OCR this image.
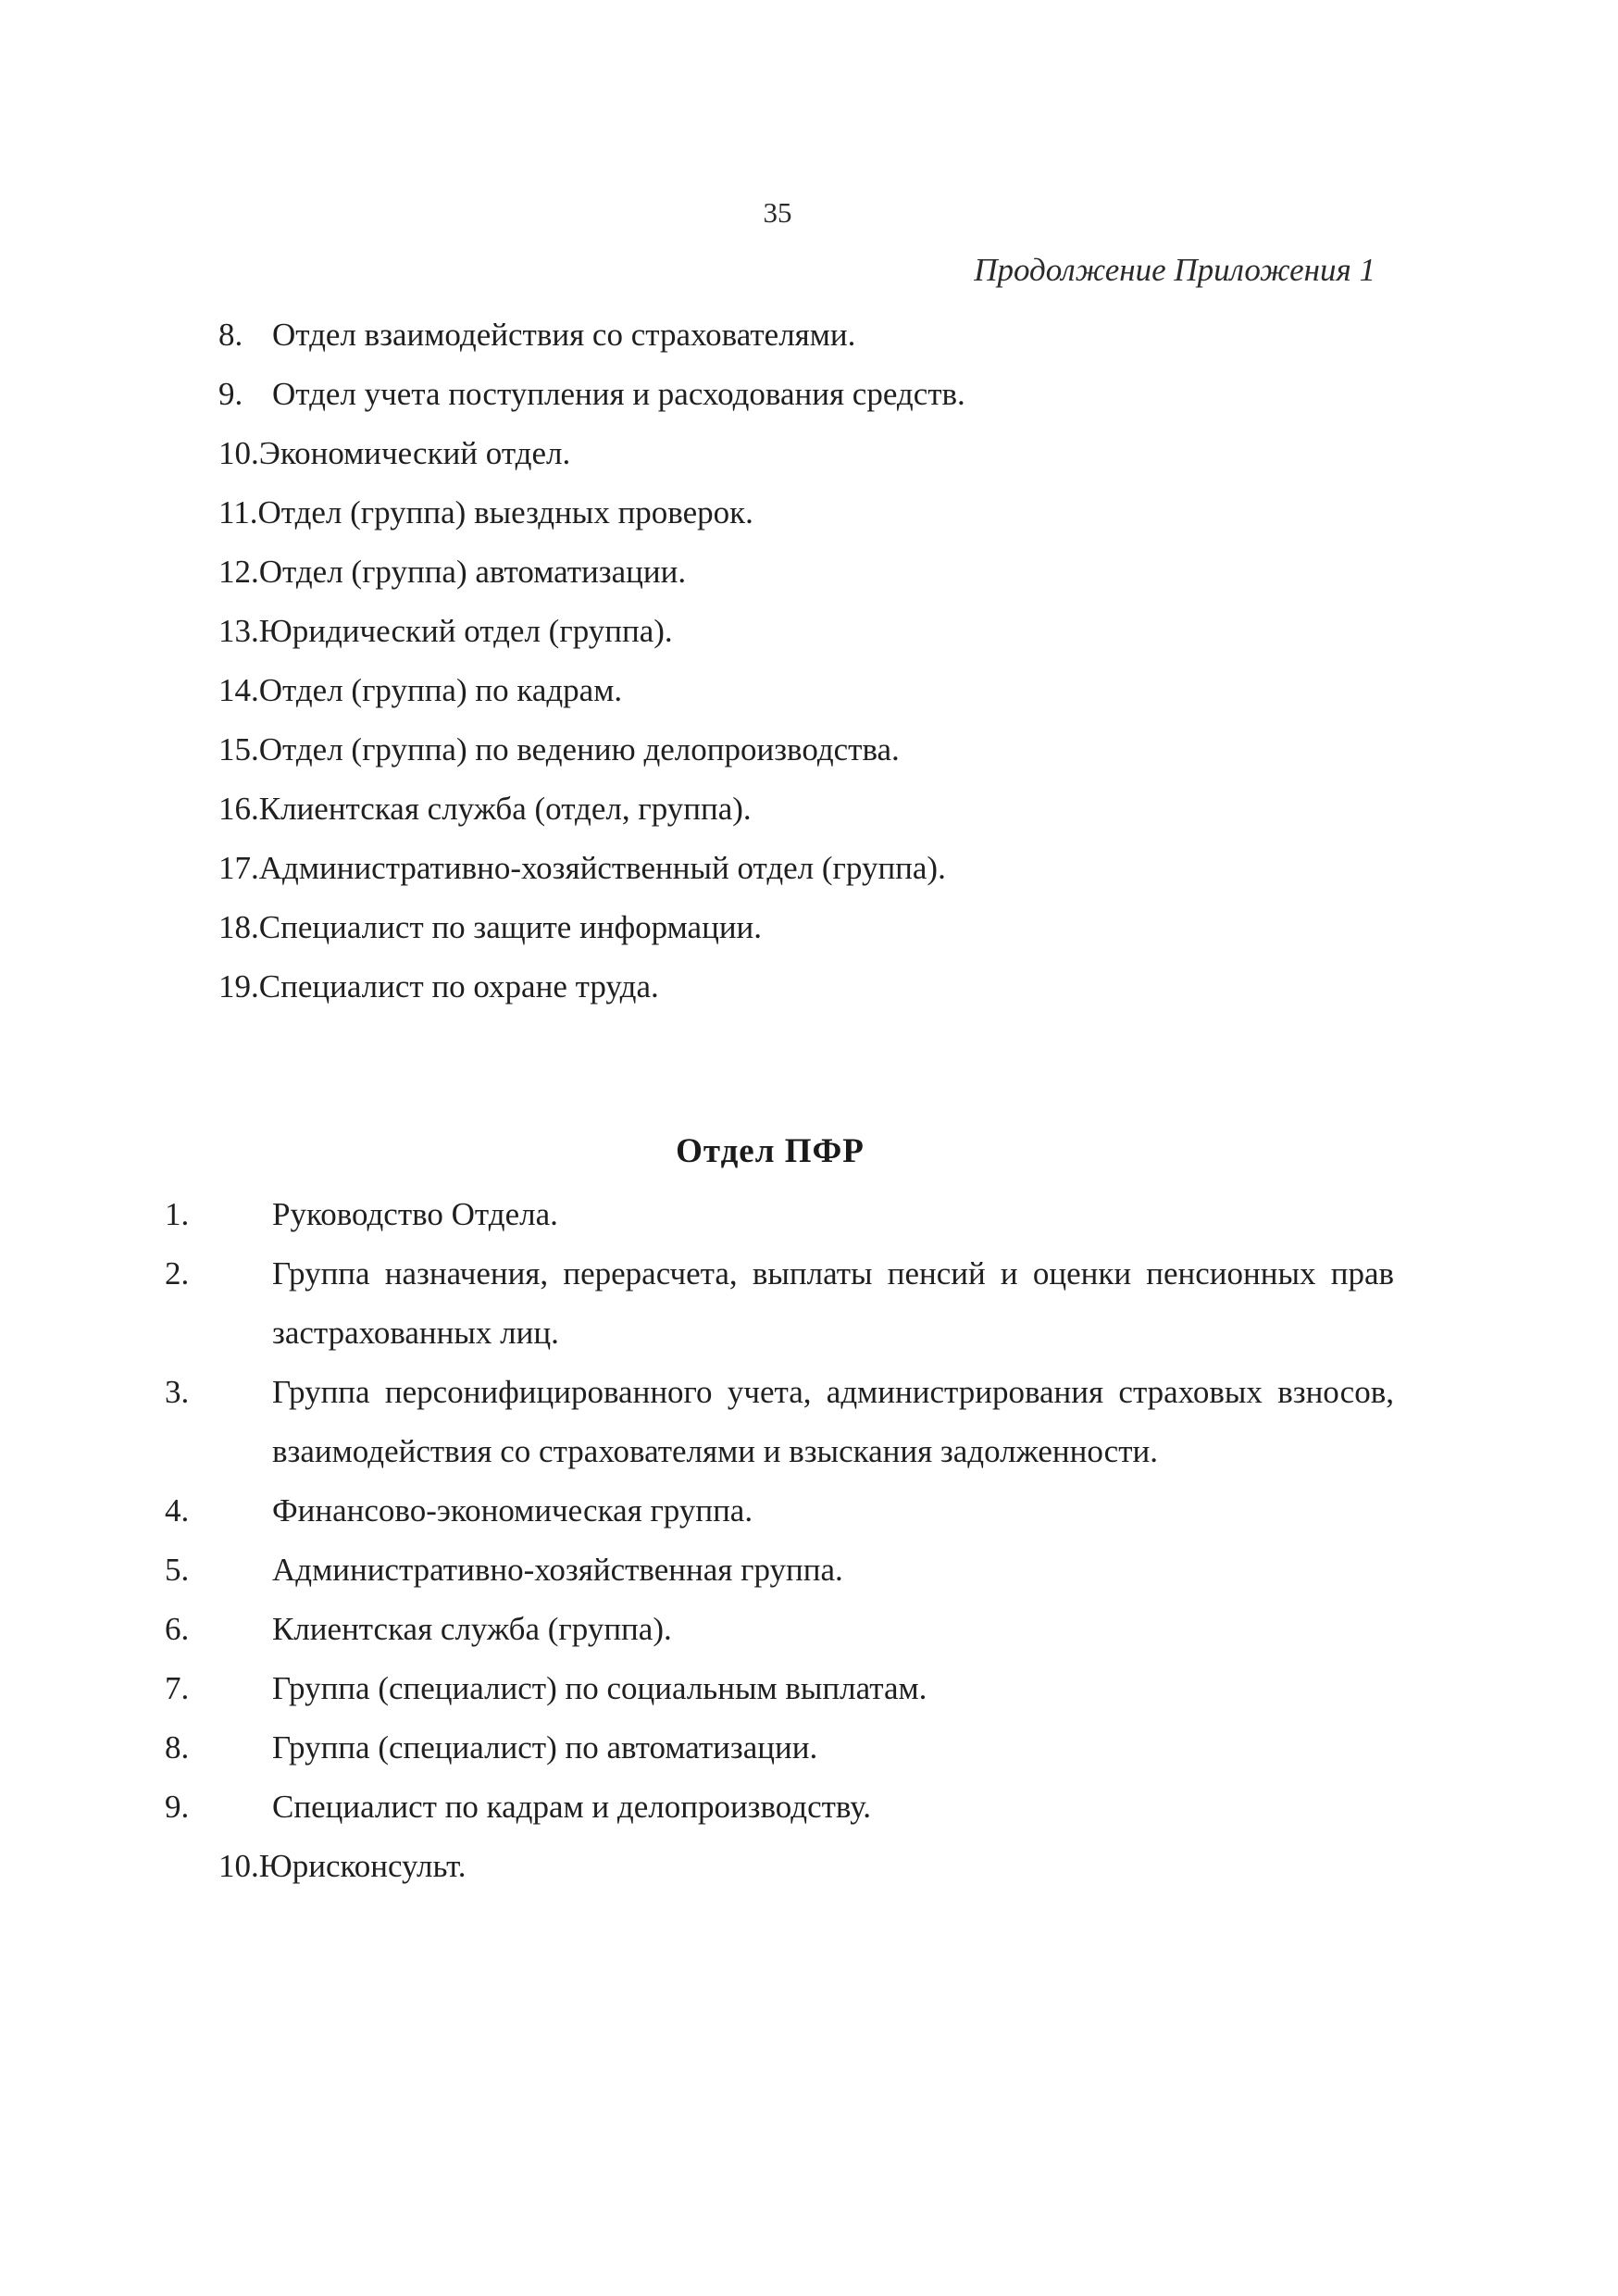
35
Продолжение Приложения 1
8. Отдел взаимодействия со страхователями.
9. Отдел учета поступления и расходования средств.
10.Экономический отдел.
11.Отдел (группа) выездных проверок.
12.Отдел (группа) автоматизации.
13.Юридический отдел (группа).
14.Отдел (группа) по кадрам.
15.Отдел (группа) по ведению делопроизводства.
16.Клиентская служба (отдел, группа).
17.Административно-хозяйственный отдел (группа).
18.Специалист по защите информации.
19.Специалист по охране труда.
Отдел ПФР
1.	Руководство Отдела.
2.	Группа назначения, перерасчета, выплаты пенсий и оценки пенсионных прав застрахованных лиц.
3.	Группа персонифицированного учета, администрирования страховых взносов, взаимодействия со страхователями и взыскания задолженности.
4.	Финансово-экономическая группа.
5.	Административно-хозяйственная группа.
6.	Клиентская служба (группа).
7.	Группа (специалист) по социальным выплатам.
8.	Группа (специалист) по автоматизации.
9.	Специалист по кадрам и делопроизводству.
10.Юрисконсульт.
